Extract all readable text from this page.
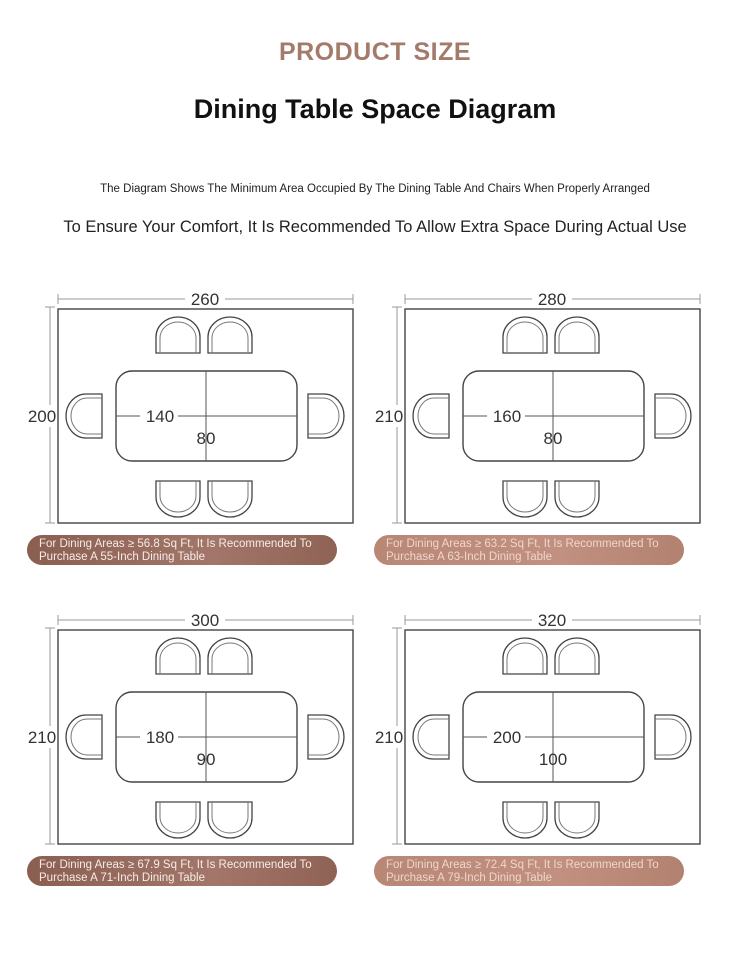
PRODUCT SIZE
Dining Table Space Diagram
The Diagram Shows The Minimum Area Occupied By The Dining Table And Chairs When Properly Arranged
To Ensure Your Comfort, It Is Recommended To Allow Extra Space During Actual Use
260
200	140
80
For Dining Areas ≥ 56.8 Sq Ft, It Is Recommended To Purchase A 55-Inch Dining Table
280
210	160
80
For Dining Areas ≥ 63.2 Sq Ft, It Is Recommended To Purchase A 63-Inch Dining Table
300
210	180
90
For Dining Areas ≥ 67.9 Sq Ft, It Is Recommended To Purchase A 71-Inch Dining Table
320
210	200
100
For Dining Areas ≥ 72.4 Sq Ft, It Is Recommended To Purchase A 79-Inch Dining Table
